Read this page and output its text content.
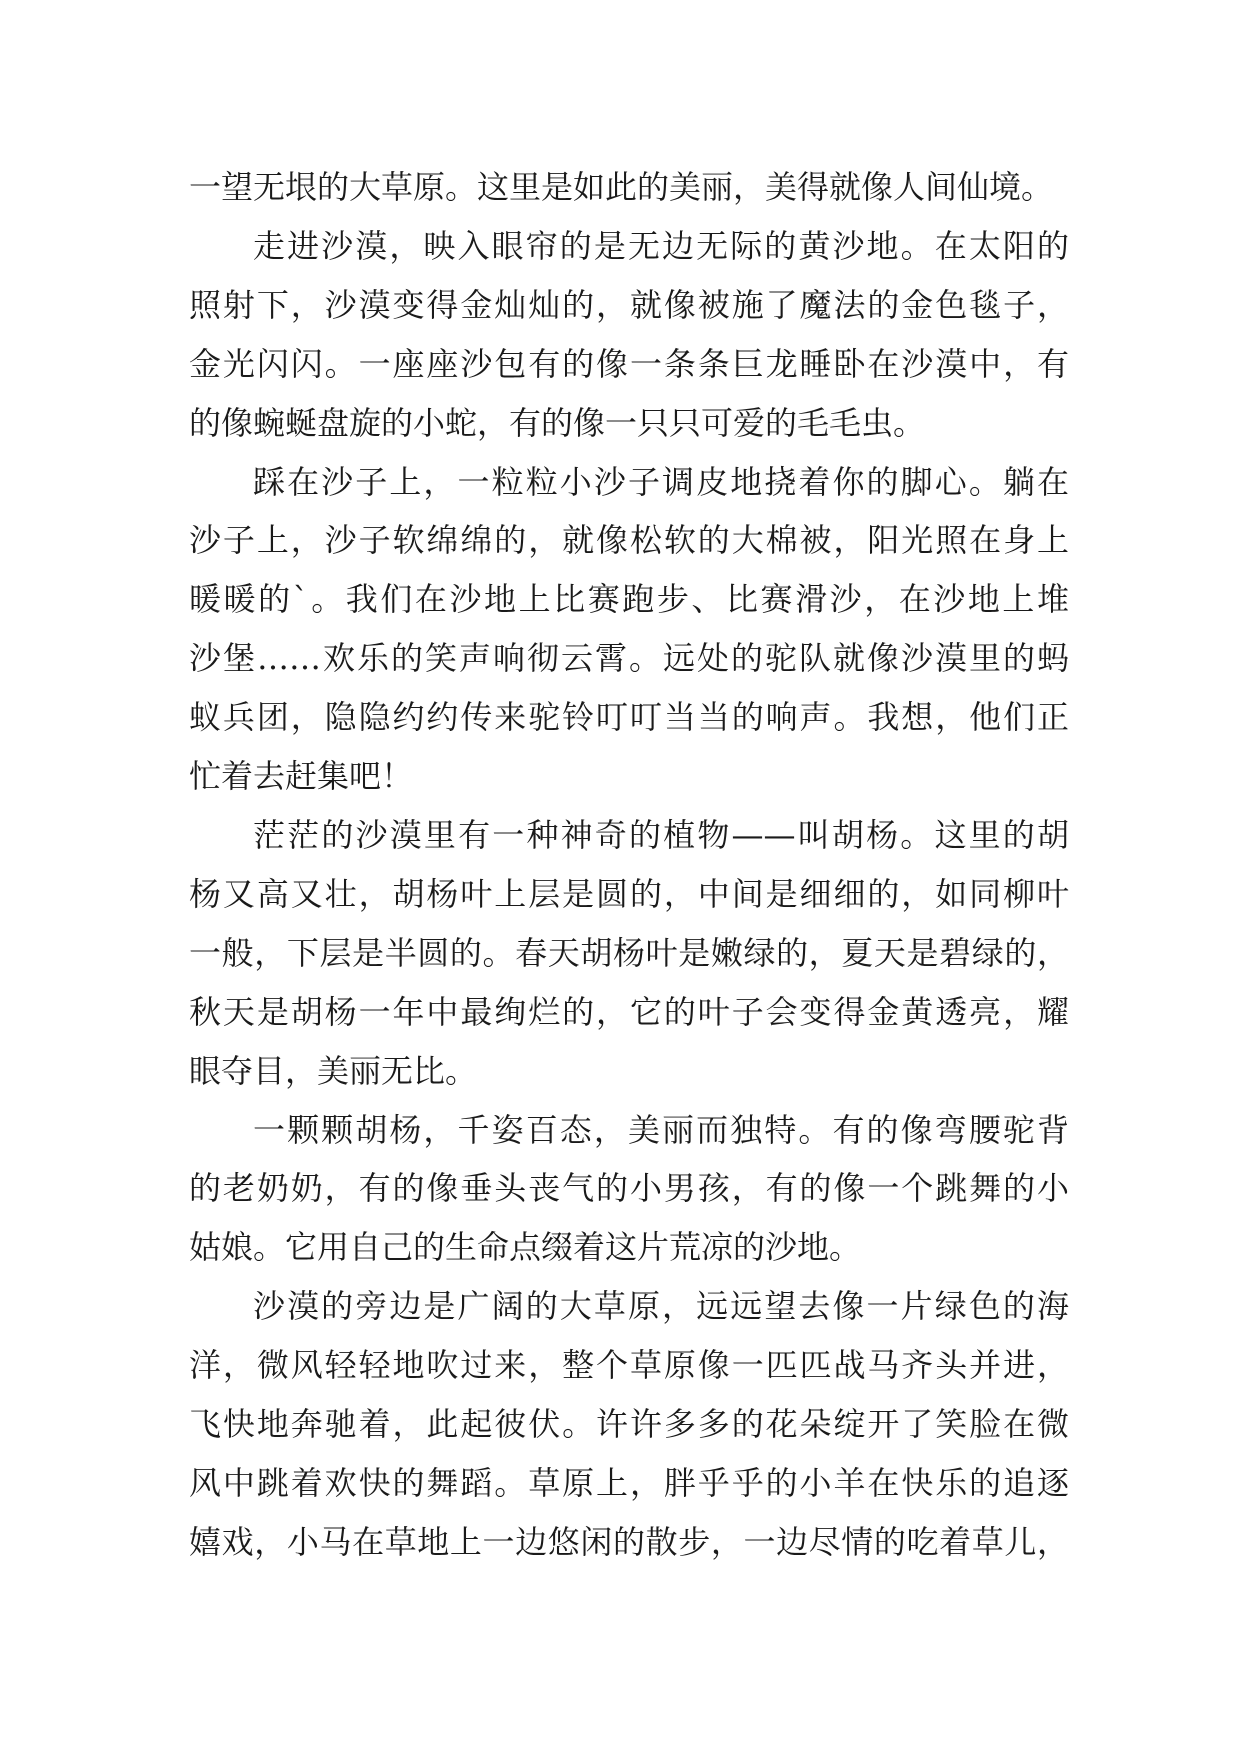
一望无垠的大草原。这里是如此的美丽，美得就像人间仙境。

走进沙漠，映入眼帘的是无边无际的黄沙地。在太阳的
照射下，沙漠变得金灿灿的，就像被施了魔法的金色毯子，
金光闪闪。一座座沙包有的像一条条巨龙睡卧在沙漠中，有
的像蜿蜒盘旋的小蛇，有的像一只只可爱的毛毛虫。

踩在沙子上，一粒粒小沙子调皮地挠着你的脚心。躺在
沙子上，沙子软绵绵的，就像松软的大棉被，阳光照在身上
暖暖的`。我们在沙地上比赛跑步、比赛滑沙，在沙地上堆
沙堡……欢乐的笑声响彻云霄。远处的驼队就像沙漠里的蚂
蚁兵团，隐隐约约传来驼铃叮叮当当的响声。我想，他们正
忙着去赶集吧！

茫茫的沙漠里有一种神奇的植物——叫胡杨。这里的胡
杨又高又壮，胡杨叶上层是圆的，中间是细细的，如同柳叶
一般，下层是半圆的。春天胡杨叶是嫩绿的，夏天是碧绿的，
秋天是胡杨一年中最绚烂的，它的叶子会变得金黄透亮，耀
眼夺目，美丽无比。

一颗颗胡杨，千姿百态，美丽而独特。有的像弯腰驼背
的老奶奶，有的像垂头丧气的小男孩，有的像一个跳舞的小
姑娘。它用自己的生命点缀着这片荒凉的沙地。

沙漠的旁边是广阔的大草原，远远望去像一片绿色的海
洋，微风轻轻地吹过来，整个草原像一匹匹战马齐头并进，
飞快地奔驰着，此起彼伏。许许多多的花朵绽开了笑脸在微
风中跳着欢快的舞蹈。草原上，胖乎乎的小羊在快乐的追逐
嬉戏，小马在草地上一边悠闲的散步，一边尽情的吃着草儿，
